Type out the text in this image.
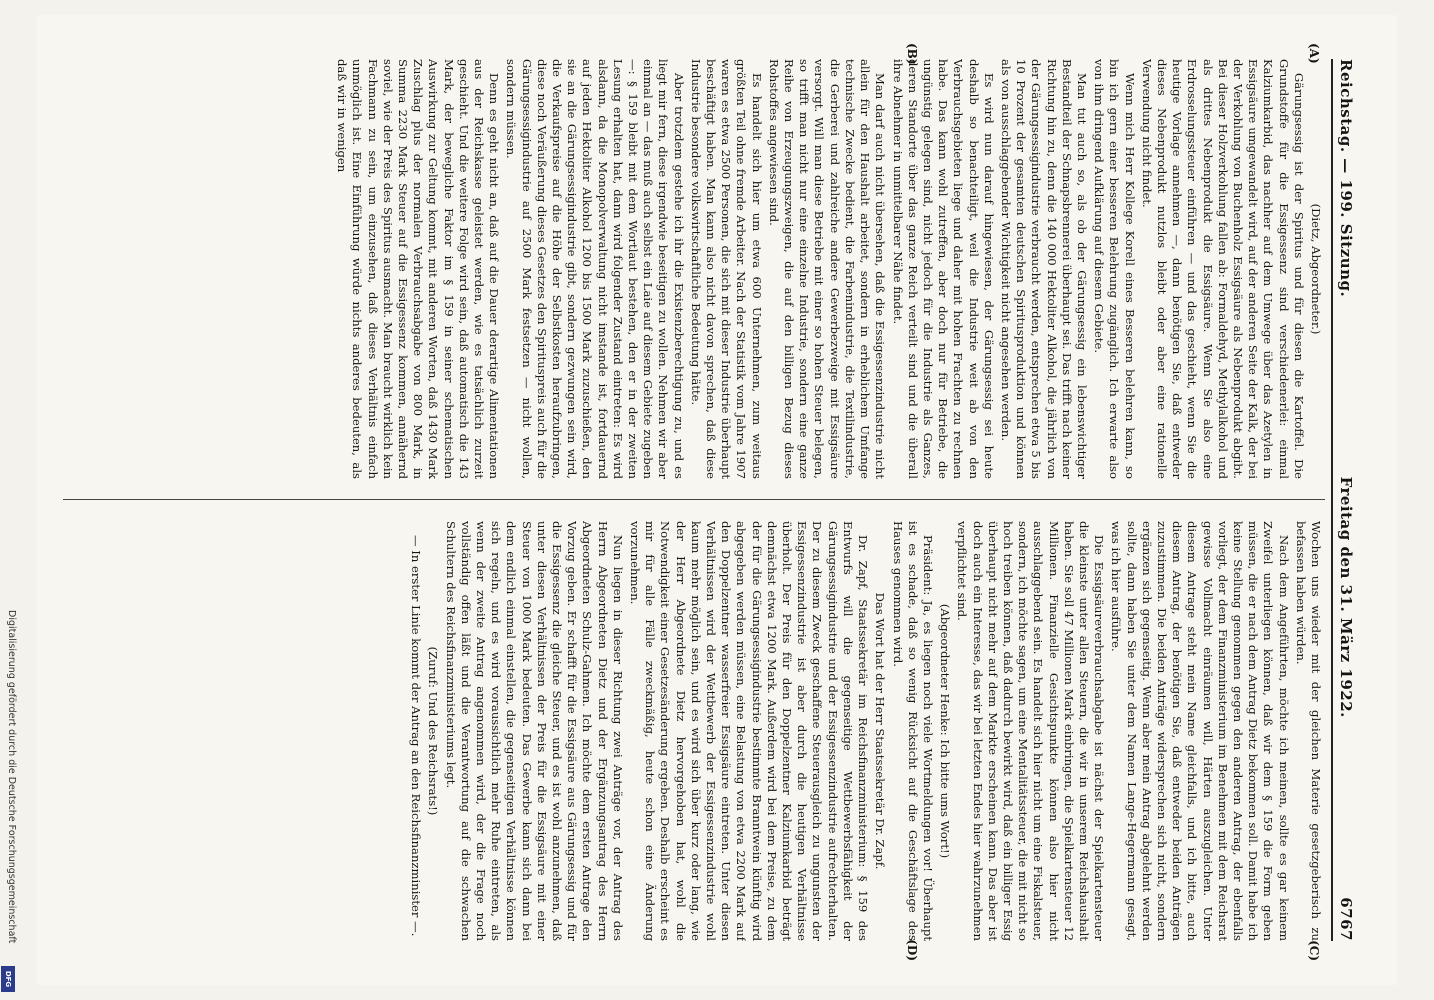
Reichstag. — 199. Sitzung.
Freitag den 31. März 1922.
6767
(A)
(B)
(C)
(D)

(Dietz, Abgeordneter.)

Gärungsessig ist der Spiritus und für diesen die Kartoffel. Die Grundstoffe für die Essigessenz sind verschiedenerlei: einmal Kalziumkarbid, das nachher auf dem Umwege über das Azetylen in Essigsäure umgewandelt wird, auf der anderen Seite der Kalk, der bei der Verkohlung von Buchenholz Essigsäure als Nebenprodukt abgibt. Bei dieser Holzverkohlung fallen ab: Formaldehyd, Methylalkohol und als drittes Nebenprodukt die Essigsäure. Wenn Sie also eine Erdrosselungssteuer einführen — und das geschieht, wenn Sie die heutige Vorlage annehmen —, dann benötigen Sie, daß entweder dieses Nebenprodukt nutzlos bleibt oder aber eine rationelle Verwendung nicht findet.

Wenn mich Herr Kollege Korell eines Besseren belehren kann, so bin ich gern einer besseren Belehrung zugänglich. Ich erwarte also von ihm dringend Aufklärung auf diesem Gebiete.

Man tut auch so, als ob der Gärungsessig ein lebenswichtiger Bestandteil der Schnapsbrennerei überhaupt sei. Das trifft nach keiner Richtung hin zu, denn die 140 000 Hektoliter Alkohol, die jährlich von der Gärungsessigindustrie verbraucht werden, entsprechen etwa 5 bis 10 Prozent der gesamten deutschen Spiritusproduktion und können als von ausschlaggebender Wichtigkeit nicht angesehen werden.

Es wird nun darauf hingewiesen, der Gärungsessig sei heute deshalb so benachteiligt, weil die Industrie weit ab von den Verbrauchsgebieten liege und daher mit hohen Frachten zu rechnen habe. Das kann wohl zutreffen, aber doch nur für Betriebe, die ungünstig gelegen sind, nicht jedoch für die Industrie als Ganzes, deren Standorte über das ganze Reich verteilt sind und die überall ihre Abnehmer in unmittelbarer Nähe findet.

Man darf auch nicht übersehen, daß die Essigessenzindustrie nicht allein für den Haushalt arbeitet, sondern in erheblichem Umfange technische Zwecke bedient, die Farbenindustrie, die Textilindustrie, die Gerberei und zahlreiche andere Gewerbezweige mit Essigsäure versorgt. Will man diese Betriebe mit einer so hohen Steuer belegen, so trifft man nicht nur eine einzelne Industrie, sondern eine ganze Reihe von Erzeugungszweigen, die auf den billigen Bezug dieses Rohstoffes angewiesen sind.

Es handelt sich hier um etwa 600 Unternehmen, zum weitaus größten Teil ohne fremde Arbeiter. Nach der Statistik vom Jahre 1907 waren es etwa 2500 Personen, die sich mit dieser Industrie überhaupt beschäftigt haben. Man kann also nicht davon sprechen, daß diese Industrie besondere volkswirtschaftliche Bedeutung hätte.

Aber trotzdem gestehe ich ihr die Existenzberechtigung zu, und es liegt mir fern, diese irgendwie beseitigen zu wollen. Nehmen wir aber einmal an — das muß auch selbst ein Laie auf diesem Gebiete zugeben —: § 159 bleibt mit dem Wortlaut bestehen, den er in der zweiten Lesung erhalten hat, dann wird folgender Zustand eintreten: Es wird alsdann, da die Monopolverwaltung nicht imstande ist, fortdauernd auf jeden Hektoliter Alkohol 1200 bis 1500 Mark zuzuschießen, den sie an die Gärungsessigindustrie gibt, sondern gezwungen sein wird, die Verkaufspreise auf die Höhe der Selbstkosten heraufzubringen, diese noch Veräußerung dieses Gesetzes den Spirituspreis auch für die Gärungsessigindustrie auf 2500 Mark festsetzen — nicht wollen, sondern müssen.

Denn es geht nicht an, daß auf die Dauer derartige Alimentationen aus der Reichskasse geleistet werden, wie es tatsächlich zurzeit geschieht. Und die weitere Folge wird sein, daß automatisch die 143 Mark, der bewegliche Faktor im § 159 in seiner schematischen Auswirkung zur Geltung kommt, mit anderen Worten, daß 1430 Mark Zuschlag plus der normalen Verbrauchsabgabe von 800 Mark, in Summa 2230 Mark Steuer auf die Essigessenz kommen, annähernd soviel, wie der Preis des Spiritus ausmacht. Man braucht wirklich kein Fachmann zu sein, um einzusehen, daß dieses Verhältnis einfach unmöglich ist. Eine Einführung würde nichts anderes bedeuten, als daß wir in wenigen

Wochen uns wieder mit der gleichen Materie gesetzgeberisch zu befassen haben würden.

Nach dem Angeführten, möchte ich meinen, sollte es gar keinem Zweifel unterliegen können, daß wir dem § 159 die Form geben müssen, die er nach dem Antrag Dietz bekommen soll. Damit habe ich keine Stellung genommen gegen den anderen Antrag, der ebenfalls vorliegt, der dem Finanzministerium im Benehmen mit dem Reichsrat gewisse Vollmacht einräumen will, Härten auszugleichen. Unter diesem Antrage steht mein Name gleichfalls, und ich bitte, auch diesem Antrag, der benötigen Sie, daß entweder beiden Anträgen zuzustimmen. Die beiden Anträge widersprechen sich nicht, sondern ergänzen sich gegenseitig. Wenn aber mein Antrag abgelehnt werden sollte, dann haben Sie unter dem Namen Lange-Hegermann gesagt, was ich hier ausführe.

Die Essigsäureverbrauchsabgabe ist nächst der Spielkartensteuer die kleinste unter allen Steuern, die wir in unserem Reichshaushalt haben. Sie soll 47 Millionen Mark einbringen, die Spielkartensteuer 12 Millionen. Finanzielle Gesichtspunkte können also hier nicht ausschlaggebend sein. Es handelt sich hier nicht um eine Fiskalsteuer, sondern, ich möchte sagen, um eine Mentalitätssteuer, die mit nicht so hoch treiben können, daß dadurch bewirkt wird, daß ein billiger Essig überhaupt nicht mehr auf dem Markte erscheinen kann. Das aber ist doch auch ein Interesse, das wir bei letzten Endes hier wahrzunehmen verpflichtet sind.

(Abgeordneter Henke: Ich bitte ums Wort!)

Präsident: Ja, es liegen noch viele Wortmeldungen vor! Überhaupt ist es schade, daß so wenig Rücksicht auf die Geschäftslage des Hauses genommen wird.

Das Wort hat der Herr Staatssekretär Dr. Zapf.

Dr. Zapf, Staatssekretär im Reichsfinanzministerium: § 159 des Entwurfs will die gegenseitige Wettbewerbsfähigkeit der Gärungsessigindustrie und der Essigessenzindustrie aufrechterhalten. Der zu diesem Zweck geschaffene Steuerausgleich zu ungunsten der Essigessenzindustrie ist aber durch die heutigen Verhältnisse überholt. Der Preis für den Doppelzentner Kalziumkarbid beträgt demnächst etwa 1200 Mark. Außerdem wird bei dem Preise, zu dem der für die Gärungsessigindustrie bestimmte Branntwein künftig wird abgegeben werden müssen, eine Belastung von etwa 2200 Mark auf den Doppelzentner wasserfreier Essigsäure eintreten. Unter diesen Verhältnissen wird der Wettbewerb der Essigessenzindustrie wohl kaum mehr möglich sein, und es wird sich über kurz oder lang, wie der Herr Abgeordnete Dietz hervorgehoben hat, wohl die Notwendigkeit einer Gesetzesänderung ergeben. Deshalb erscheint es mir für alle Fälle zweckmäßig, heute schon eine Änderung vorzunehmen.

Nun liegen in dieser Richtung zwei Anträge vor, der Antrag des Herrn Abgeordneten Dietz und der Ergänzungsantrag des Herrn Abgeordneten Schulz-Gahmen. Ich möchte dem ersten Antrage den Vorzug geben. Er schafft für die Essigsäure aus Gärungsessig und für die Essigessenz die gleiche Steuer, und es ist wohl anzunehmen, daß unter diesen Verhältnissen der Preis für die Essigsäure mit einer Steuer von 1000 Mark bedeuten. Das Gewerbe kann sich dann bei dem endlich einmal einstellen, die gegenseitigen Verhältnisse können sich regeln, und es wird voraussichtlich mehr Ruhe eintreten, als wenn der zweite Antrag angenommen wird, der die Frage noch vollständig offen läßt und die Verantwortung auf die schwachen Schultern des Reichsfinanzministeriums legt.

(Zuruf: Und des Reichsrats!)

— In erster Linie kommt der Antrag an den Reichsfinanzminister —.

Digitalisierung gefördert durch die Deutsche Forschungsgemeinschaft
DFG
